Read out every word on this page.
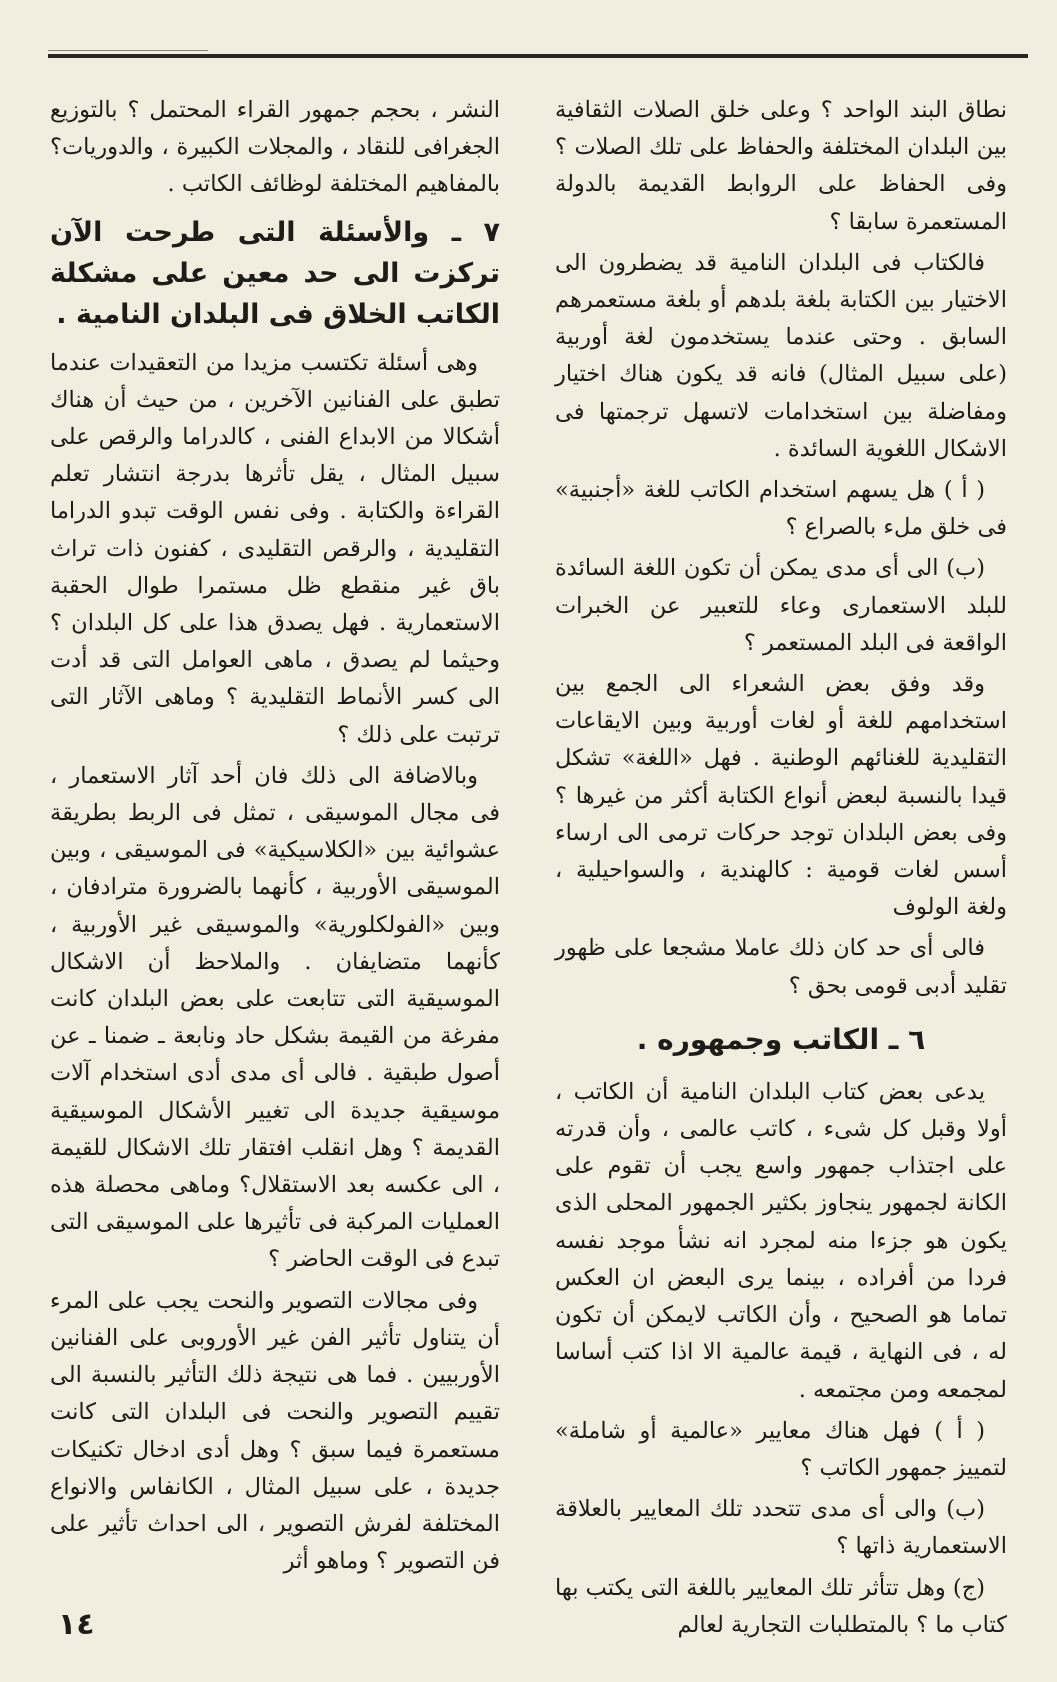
نطاق البند الواحد ؟ وعلى خلق الصلات الثقافية بين البلدان المختلفة والحفاظ على تلك الصلات ؟ وفى الحفاظ على الروابط القديمة بالدولة المستعمرة سابقا ؟

فالكتاب فى البلدان النامية قد يضطرون الى الاختيار بين الكتابة بلغة بلدهم أو بلغة مستعمرهم السابق . وحتى عندما يستخدمون لغة أوربية (على سبيل المثال) فانه قد يكون هناك اختيار ومفاضلة بين استخدامات لاتسهل ترجمتها فى الاشكال اللغوية السائدة .

( أ ) هل يسهم استخدام الكاتب للغة «أجنبية» فى خلق ملء بالصراع ؟

(ب) الى أى مدى يمكن أن تكون اللغة السائدة للبلد الاستعمارى وعاء للتعبير عن الخبرات الواقعة فى البلد المستعمر ؟

وقد وفق بعض الشعراء الى الجمع بين استخدامهم للغة أو لغات أوربية وبين الايقاعات التقليدية للغنائهم الوطنية . فهل «اللغة» تشكل قيدا بالنسبة لبعض أنواع الكتابة أكثر من غيرها ؟ وفى بعض البلدان توجد حركات ترمى الى ارساء أسس لغات قومية : كالهندية ، والسواحيلية ، ولغة الولوف

فالى أى حد كان ذلك عاملا مشجعا على ظهور تقليد أدبى قومى بحق ؟

٦ ـ الكاتب وجمهوره .

يدعى بعض كتاب البلدان النامية أن الكاتب ، أولا وقبل كل شىء ، كاتب عالمى ، وأن قدرته على اجتذاب جمهور واسع يجب أن تقوم على الكانة لجمهور ينجاوز بكثير الجمهور المحلى الذى يكون هو جزءا منه لمجرد انه نشأ موجد نفسه فردا من أفراده ، بينما يرى البعض ان العكس تماما هو الصحيح ، وأن الكاتب لايمكن أن تكون له ، فى النهاية ، قيمة عالمية الا اذا كتب أساسا لمجمعه ومن مجتمعه .

( أ ) فهل هناك معايير «عالمية أو شاملة» لتمييز جمهور الكاتب ؟

(ب) والى أى مدى تتحدد تلك المعايير بالعلاقة الاستعمارية ذاتها ؟

(ج) وهل تتأثر تلك المعايير باللغة التى يكتب بها كتاب ما ؟ بالمتطلبات التجارية لعالم

النشر ، بحجم جمهور القراء المحتمل ؟ بالتوزيع الجغرافى للنقاد ، والمجلات الكبيرة ، والدوريات؟ بالمفاهيم المختلفة لوظائف الكاتب .

٧ ـ والأسئلة التى طرحت الآن تركزت الى حد معين على مشكلة الكاتب الخلاق فى البلدان النامية .

وهى أسئلة تكتسب مزيدا من التعقيدات عندما تطبق على الفنانين الآخرين ، من حيث أن هناك أشكالا من الابداع الفنى ، كالدراما والرقص على سبيل المثال ، يقل تأثرها بدرجة انتشار تعلم القراءة والكتابة . وفى نفس الوقت تبدو الدراما التقليدية ، والرقص التقليدى ، كفنون ذات تراث باق غير منقطع ظل مستمرا طوال الحقبة الاستعمارية . فهل يصدق هذا على كل البلدان ؟ وحيثما لم يصدق ، ماهى العوامل التى قد أدت الى كسر الأنماط التقليدية ؟ وماهى الآثار التى ترتبت على ذلك ؟

وبالاضافة الى ذلك فان أحد آثار الاستعمار ، فى مجال الموسيقى ، تمثل فى الربط بطريقة عشوائية بين «الكلاسيكية» فى الموسيقى ، وبين الموسيقى الأوربية ، كأنهما بالضرورة مترادفان ، وبين «الفولكلورية» والموسيقى غير الأوربية ، كأنهما متضايفان . والملاحظ أن الاشكال الموسيقية التى تتابعت على بعض البلدان كانت مفرغة من القيمة بشكل حاد ونابعة ـ ضمنا ـ عن أصول طبقية . فالى أى مدى أدى استخدام آلات موسيقية جديدة الى تغيير الأشكال الموسيقية القديمة ؟ وهل انقلب افتقار تلك الاشكال للقيمة ، الى عكسه بعد الاستقلال؟ وماهى محصلة هذه العمليات المركبة فى تأثيرها على الموسيقى التى تبدع فى الوقت الحاضر ؟

وفى مجالات التصوير والنحت يجب على المرء أن يتناول تأثير الفن غير الأوروبى على الفنانين الأوربيين . فما هى نتيجة ذلك التأثير بالنسبة الى تقييم التصوير والنحت فى البلدان التى كانت مستعمرة فيما سبق ؟ وهل أدى ادخال تكنيكات جديدة ، على سبيل المثال ، الكانفاس والانواع المختلفة لفرش التصوير ، الى احداث تأثير على فن التصوير ؟ وماهو أثر

١٤
